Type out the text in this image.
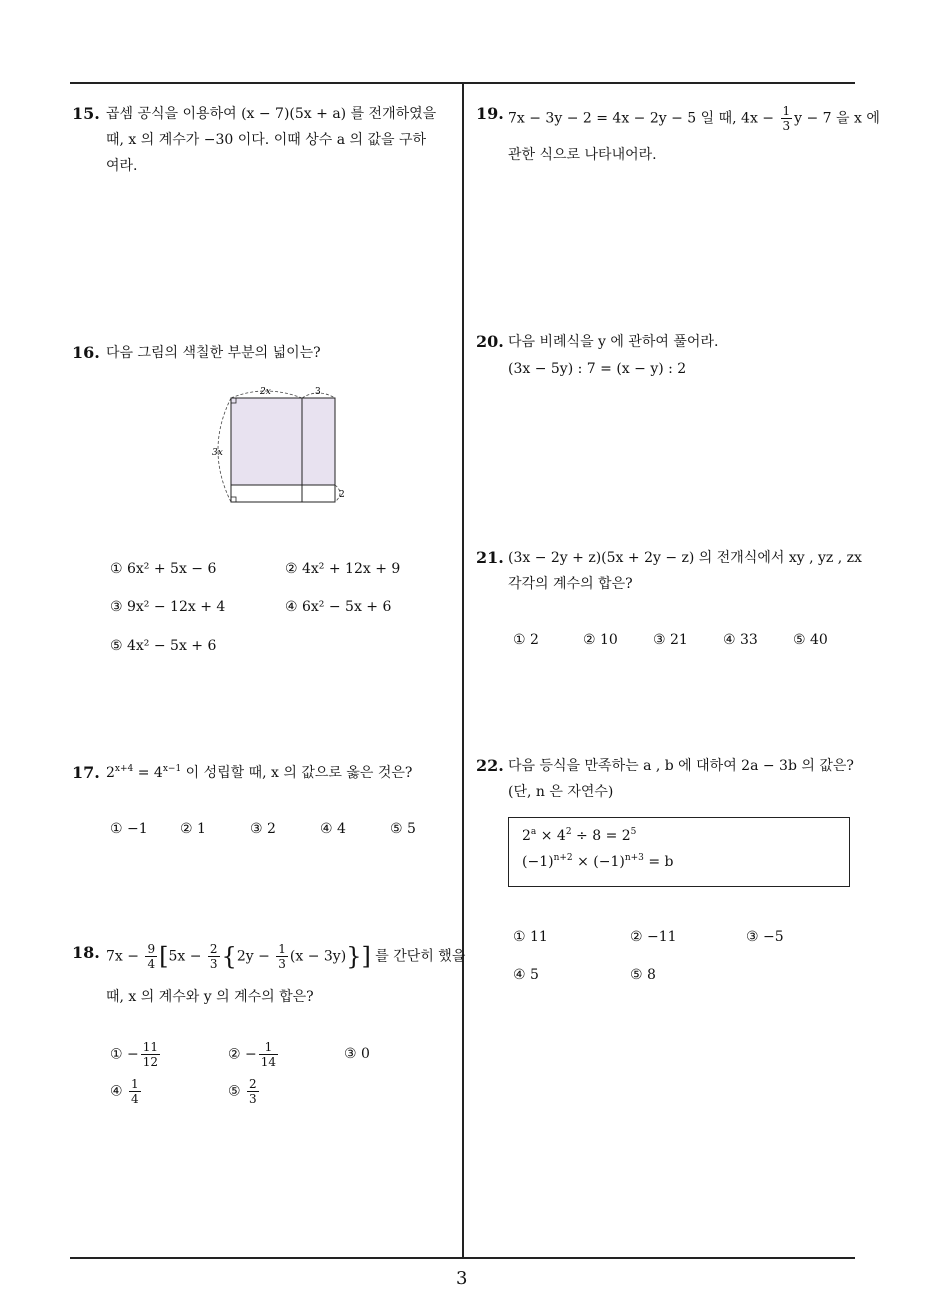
15. 곱셈 공식을 이용하여 (x − 7)(5x + a) 를 전개하였을
때, x 의 계수가 −30 이다. 이때 상수 a 의 값을 구하
여라.
16. 다음 그림의 색칠한 부분의 넓이는?
2x	3
3x
2
① 6x² + 5x − 6	② 4x² + 12x + 9
③ 9x² − 12x + 4	④ 6x² − 5x + 6
⑤ 4x² − 5x + 6
17. $2^{x+4} = 4^{x-1}$ 이 성립할 때, x 의 값으로 옳은 것은?
① −1 ② 1	③ 2	④ 4	⑤ 5
18. $7x - \frac{9}{4} [5x - \frac{2}{3} \{2y - \frac{1}{3} (x - 3y)\}]$ 를 간단히 했을
때, x 의 계수와 y 의 계수의 합은?
① − $\frac{11}{12}$	② − $\frac{1}{14}$	③ 0
④ $\frac{1}{4}$	⑤ $\frac{2}{3}$
19. 7x − 3y − 2 = 4x − 2y − 5 일 때, $4x - \frac{1}{3}$ y − 7 을 x 에
관한 식으로 나타내어라.
20. 다음 비례식을 y 에 관하여 풀어라.
(3x − 5y) : 7 = (x − y) : 2
21. (3x − 2y + z)(5x + 2y − z) 의 전개식에서 xy , yz , zx
각각의 계수의 합은?
① 2	② 10	③ 21	④ 33	⑤ 40
22. 다음 등식을 만족하는 a , b 에 대하여 2a − 3b 의 값은?
(단, n 은 자연수)
$2^a \times 4^2 \div 8 = 2^5$
$(-1)^{n+2} \times (-1)^{n+3} = b$
① 11	② −11	③ −5
④ 5	⑤ 8
3
